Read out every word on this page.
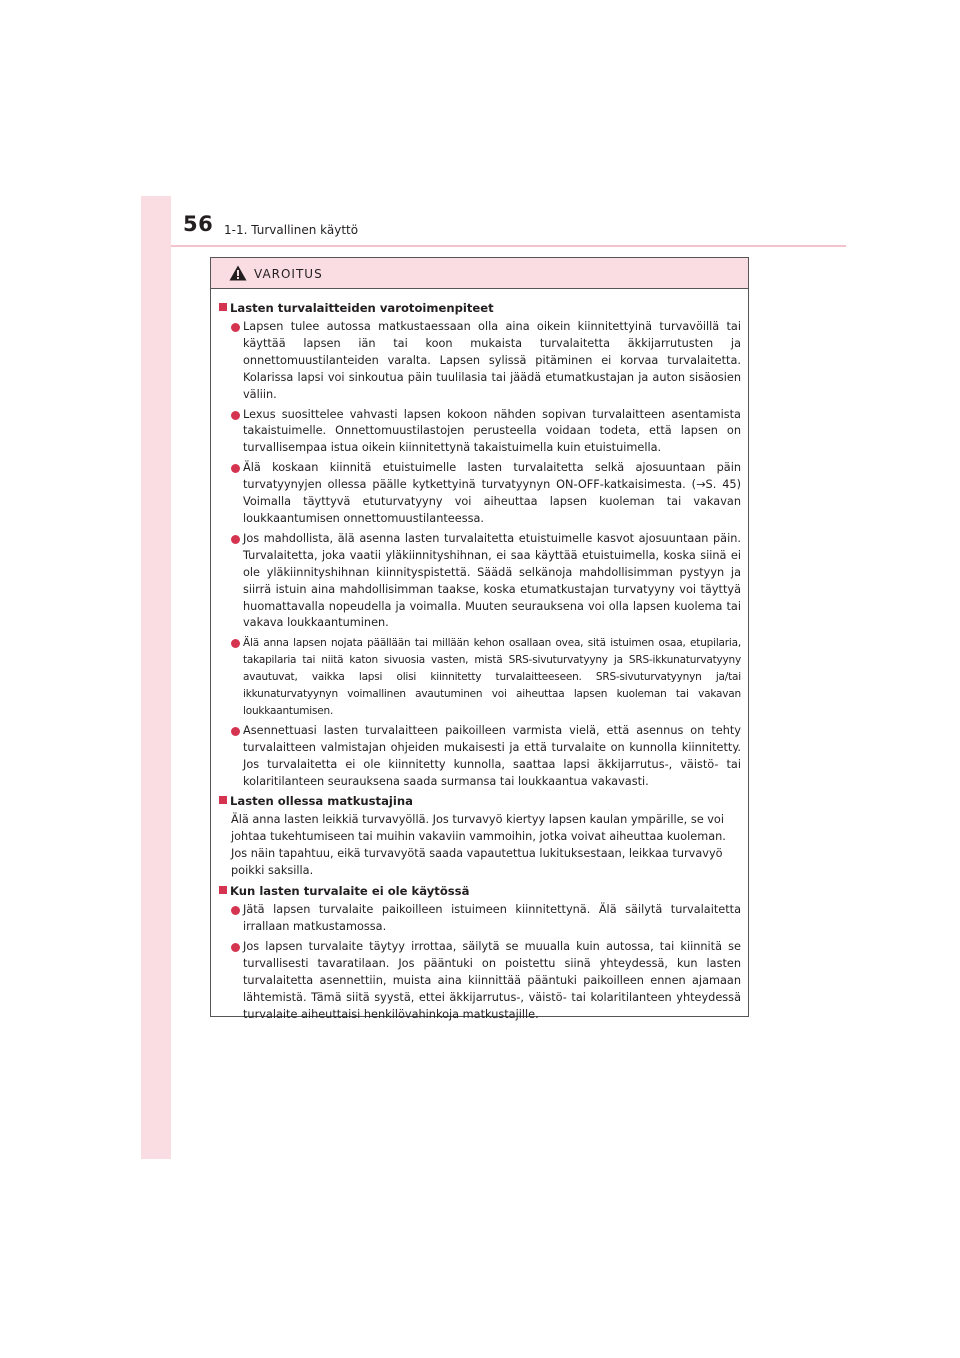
56 1-1. Turvallinen käyttö
VAROITUS
Lasten turvalaitteiden varotoimenpiteet
Lapsen tulee autossa matkustaessaan olla aina oikein kiinnitettyinä turvavöillä tai käyttää lapsen iän tai koon mukaista turvalaitetta äkkijarrutusten ja onnettomuustilanteiden varalta. Lapsen sylissä pitäminen ei korvaa turvalaitetta. Kolarissa lapsi voi sinkoutua päin tuulilasia tai jäädä etumatkustajan ja auton sisäosien väliin.
Lexus suosittelee vahvasti lapsen kokoon nähden sopivan turvalaitteen asentamista takaistuimelle. Onnettomuustilastojen perusteella voidaan todeta, että lapsen on turvallisempaa istua oikein kiinnitettynä takaistuimella kuin etuistuimella.
Älä koskaan kiinnitä etuistuimelle lasten turvalaitetta selkä ajosuuntaan päin turvatyynyjen ollessa päälle kytkettyinä turvatyynyn ON-OFF-katkaisimesta. (→S. 45) Voimalla täyttyvä etuturvatyyny voi aiheuttaa lapsen kuoleman tai vakavan loukkaantumisen onnettomuustilanteessa.
Jos mahdollista, älä asenna lasten turvalaitetta etuistuimelle kasvot ajosuuntaan päin. Turvalaitetta, joka vaatii yläkiinnityshihnan, ei saa käyttää etuistuimella, koska siinä ei ole yläkiinnityshihnan kiinnityspistettä. Säädä selkänoja mahdollisimman pystyyn ja siirrä istuin aina mahdollisimman taakse, koska etumatkustajan turvatyyny voi täyttyä huomattavalla nopeudella ja voimalla. Muuten seurauksena voi olla lapsen kuolema tai vakava loukkaantuminen.
Älä anna lapsen nojata päällään tai millään kehon osallaan ovea, sitä istuimen osaa, etupilaria, takapilaria tai niitä katon sivuosia vasten, mistä SRS-sivuturvatyyny ja SRS-ikkunaturvatyyny avautuvat, vaikka lapsi olisi kiinnitetty turvalaitteeseen. SRS-sivuturvatyynyn ja/tai ikkunaturvatyynyn voimallinen avautuminen voi aiheuttaa lapsen kuoleman tai vakavan loukkaantumisen.
Asennettuasi lasten turvalaitteen paikoilleen varmista vielä, että asennus on tehty turvalaitteen valmistajan ohjeiden mukaisesti ja että turvalaite on kunnolla kiinnitetty. Jos turvalaitetta ei ole kiinnitetty kunnolla, saattaa lapsi äkkijarrutus-, väistö- tai kolaritilanteen seurauksena saada surmansa tai loukkaantua vakavasti.
Lasten ollessa matkustajina
Älä anna lasten leikkiä turvavyöllä. Jos turvavyö kiertyy lapsen kaulan ympärille, se voi johtaa tukehtumiseen tai muihin vakaviin vammoihin, jotka voivat aiheuttaa kuoleman. Jos näin tapahtuu, eikä turvavyötä saada vapautettua lukituksestaan, leikkaa turvavyö poikki saksilla.
Kun lasten turvalaite ei ole käytössä
Jätä lapsen turvalaite paikoilleen istuimeen kiinnitettynä. Älä säilytä turvalaitetta irrallaan matkustamossa.
Jos lapsen turvalaite täytyy irrottaa, säilytä se muualla kuin autossa, tai kiinnitä se turvallisesti tavaratilaan. Jos pääntuki on poistettu siinä yhteydessä, kun lasten turvalaitetta asennettiin, muista aina kiinnittää pääntuki paikoilleen ennen ajamaan lähtemistä. Tämä siitä syystä, ettei äkkijarrutus-, väistö- tai kolaritilanteen yhteydessä turvalaite aiheuttaisi henkilövahinkoja matkustajille.
